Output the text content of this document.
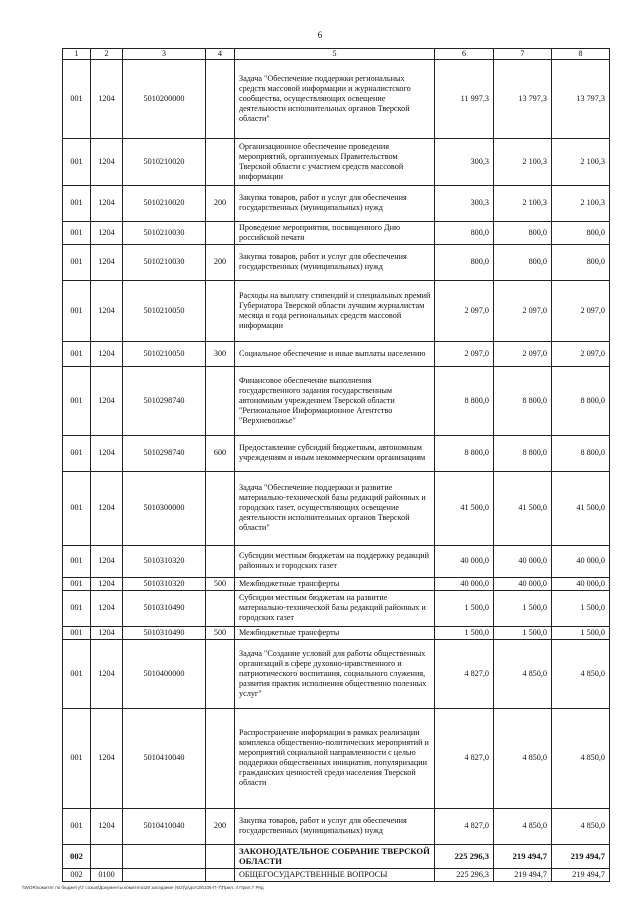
6
1	2	3	4	5	6	7	8
001	1204	5010200000		Задача "Обеспечение поддержки региональных средств массовой информации и журналистского сообщества, осуществляющих освещение деятельности исполнительных органов Тверской области"	11 997,3	13 797,3	13 797,3
001	1204	5010210020		Организационное обеспечение проведения мероприятий, организуемых Правительством Тверской области с участием средств массовой информации	300,3	2 100,3	2 100,3
001	1204	5010210020	200	Закупка товаров, работ и услуг для обеспечения государственных (муниципальных) нужд	300,3	2 100,3	2 100,3
001	1204	5010210030		Проведение мероприятия, посвященного Дню российской печати	800,0	800,0	800,0
001	1204	5010210030	200	Закупка товаров, работ и услуг для обеспечения государственных (муниципальных) нужд	800,0	800,0	800,0
001	1204	5010210050		Расходы на выплату стипендий и специальных премий Губернатора Тверской области лучшим журналистам месяца и года региональных средств массовой информации	2 097,0	2 097,0	2 097,0
001	1204	5010210050	300	Социальное обеспечение и иные выплаты населению	2 097,0	2 097,0	2 097,0
001	1204	5010298740		Финансовое обеспечение выполнения государственного задания государственным автономным учреждением Тверской области "Региональное Информационное Агентство "Верхневолжье"	8 800,0	8 800,0	8 800,0
001	1204	5010298740	600	Предоставление субсидий бюджетным, автономным учреждениям и иным некоммерческим организациям	8 800,0	8 800,0	8 800,0
001	1204	5010300000		Задача "Обеспечение поддержки и развитие материально-технической базы редакций районных и городских газет, осуществляющих освещение деятельности исполнительных органов Тверской области"	41 500,0	41 500,0	41 500,0
001	1204	5010310320		Субсидии местным бюджетам на поддержку редакций районных и городских газет	40 000,0	40 000,0	40 000,0
001	1204	5010310320	500	Межбюджетные трансферты	40 000,0	40 000,0	40 000,0
001	1204	5010310490		Субсидии местным бюджетам на развитие материально-технической базы редакций районных и городских газет	1 500,0	1 500,0	1 500,0
001	1204	5010310490	500	Межбюджетные трансферты	1 500,0	1 500,0	1 500,0
001	1204	5010400000		Задача "Создание условий для работы общественных организаций в сфере духовно-нравственного и патриотического воспитания, социального служения, развития практик исполнения общественно полезных услуг"	4 827,0	4 850,0	4 850,0
001	1204	5010410040		Распространение информации в рамках реализации комплекса общественно-политических мероприятий и мероприятий социальной направленности с целью поддержки общественных инициатив, популяризации гражданских ценностей среди населения Тверской области	4 827,0	4 850,0	4 850,0
001	1204	5010410040	200	Закупка товаров, работ и услуг для обеспечения государственных (муниципальных) нужд	4 827,0	4 850,0	4 850,0
002				ЗАКОНОДАТЕЛЬНОЕ СОБРАНИЕ ТВЕРСКОЙ ОБЛАСТИ	225 296,3	219 494,7	219 494,7
002	0100			ОБЩЕГОСУДАРСТВЕННЫЕ ВОПРОСЫ	225 296,3	219 494,7	219 494,7
\\WOR\комитет по бюджету\7 созыв\Документы комитета\28 заседание (6/2)\р\дог\28\106-П-7\Прил. 4 Прил.7 Ред
